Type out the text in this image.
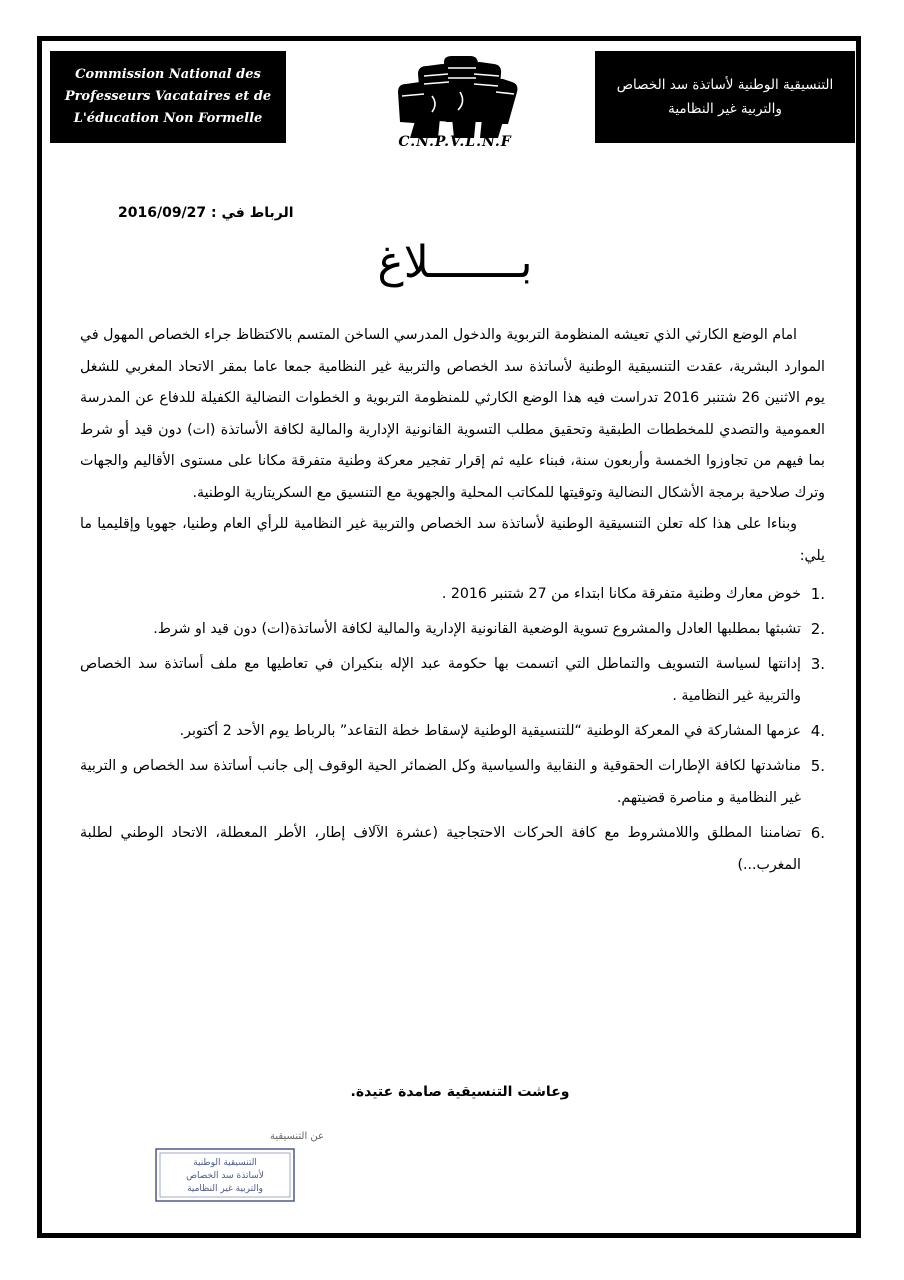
Commission National des
Professeurs Vacataires et de
L'éducation Non Formelle
C.N.P.V.L.N.F
التنسيقية الوطنية لأساتذة سد الخصاص
والتربية غير النظامية
الرباط في : 2016/09/27
بـــــــلاغ

امام الوضع الكارثي الذي تعيشه المنظومة التربوية والدخول المدرسي الساخن المتسم بالاكتظاظ جراء الخصاص المهول في الموارد البشرية، عقدت التنسيقية الوطنية لأساتذة سد الخصاص والتربية غير النظامية جمعا عاما بمقر الاتحاد المغربي للشغل يوم الاثنين 26 شتنبر 2016 تدراست فيه هذا الوضع الكارثي للمنظومة التربوية و الخطوات النضالية الكفيلة للدفاع عن المدرسة العمومية والتصدي للمخططات الطبقية وتحقيق مطلب التسوية القانونية الإدارية والمالية لكافة الأساتذة (ات) دون قيد أو شرط بما فيهم من تجاوزوا الخمسة وأربعون سنة، فبناء عليه ثم إقرار تفجير معركة وطنية متفرقة مكانا على مستوى الأقاليم والجهات وترك صلاحية برمجة الأشكال النضالية وتوقيتها للمكاتب المحلية والجهوية مع التنسيق مع السكريتارية الوطنية.

وبناءا على هذا كله تعلن التنسيقية الوطنية لأساتذة سد الخصاص والتربية غير النظامية للرأي العام وطنيا، جهويا وإقليميا ما يلي:

1.
خوض معارك وطنية متفرقة مكانا ابتداء من 27 شتنبر 2016 .
2.
تشبثها بمطلبها العادل والمشروع تسوية الوضعية القانونية الإدارية والمالية لكافة الأساتذة(ات) دون قيد او شرط.
3.
إدانتها لسياسة التسويف والتماطل التي اتسمت بها حكومة عبد الإله بنكيران في تعاطيها مع ملف أساتذة سد الخصاص والتربية غير النظامية .
4.
عزمها المشاركة في المعركة الوطنية “للتنسيقية الوطنية لإسقاط خطة التقاعد” بالرباط يوم الأحد 2 أكتوبر.
5.
مناشدتها لكافة الإطارات الحقوقية و النقابية والسياسية وكل الضمائر الحية الوقوف إلى جانب أساتذة سد الخصاص و التربية غير النظامية و مناصرة قضيتهم.
6.
تضامننا المطلق واللامشروط مع كافة الحركات الاحتجاجية (عشرة الآلاف إطار، الأطر المعطلة، الاتحاد الوطني لطلبة المغرب...)
وعاشت التنسيقية صامدة عتيدة.
عن التنسيقية
التنسيقية الوطنية
لأساتذة سد الخصاص
والتربية غير النظامية
